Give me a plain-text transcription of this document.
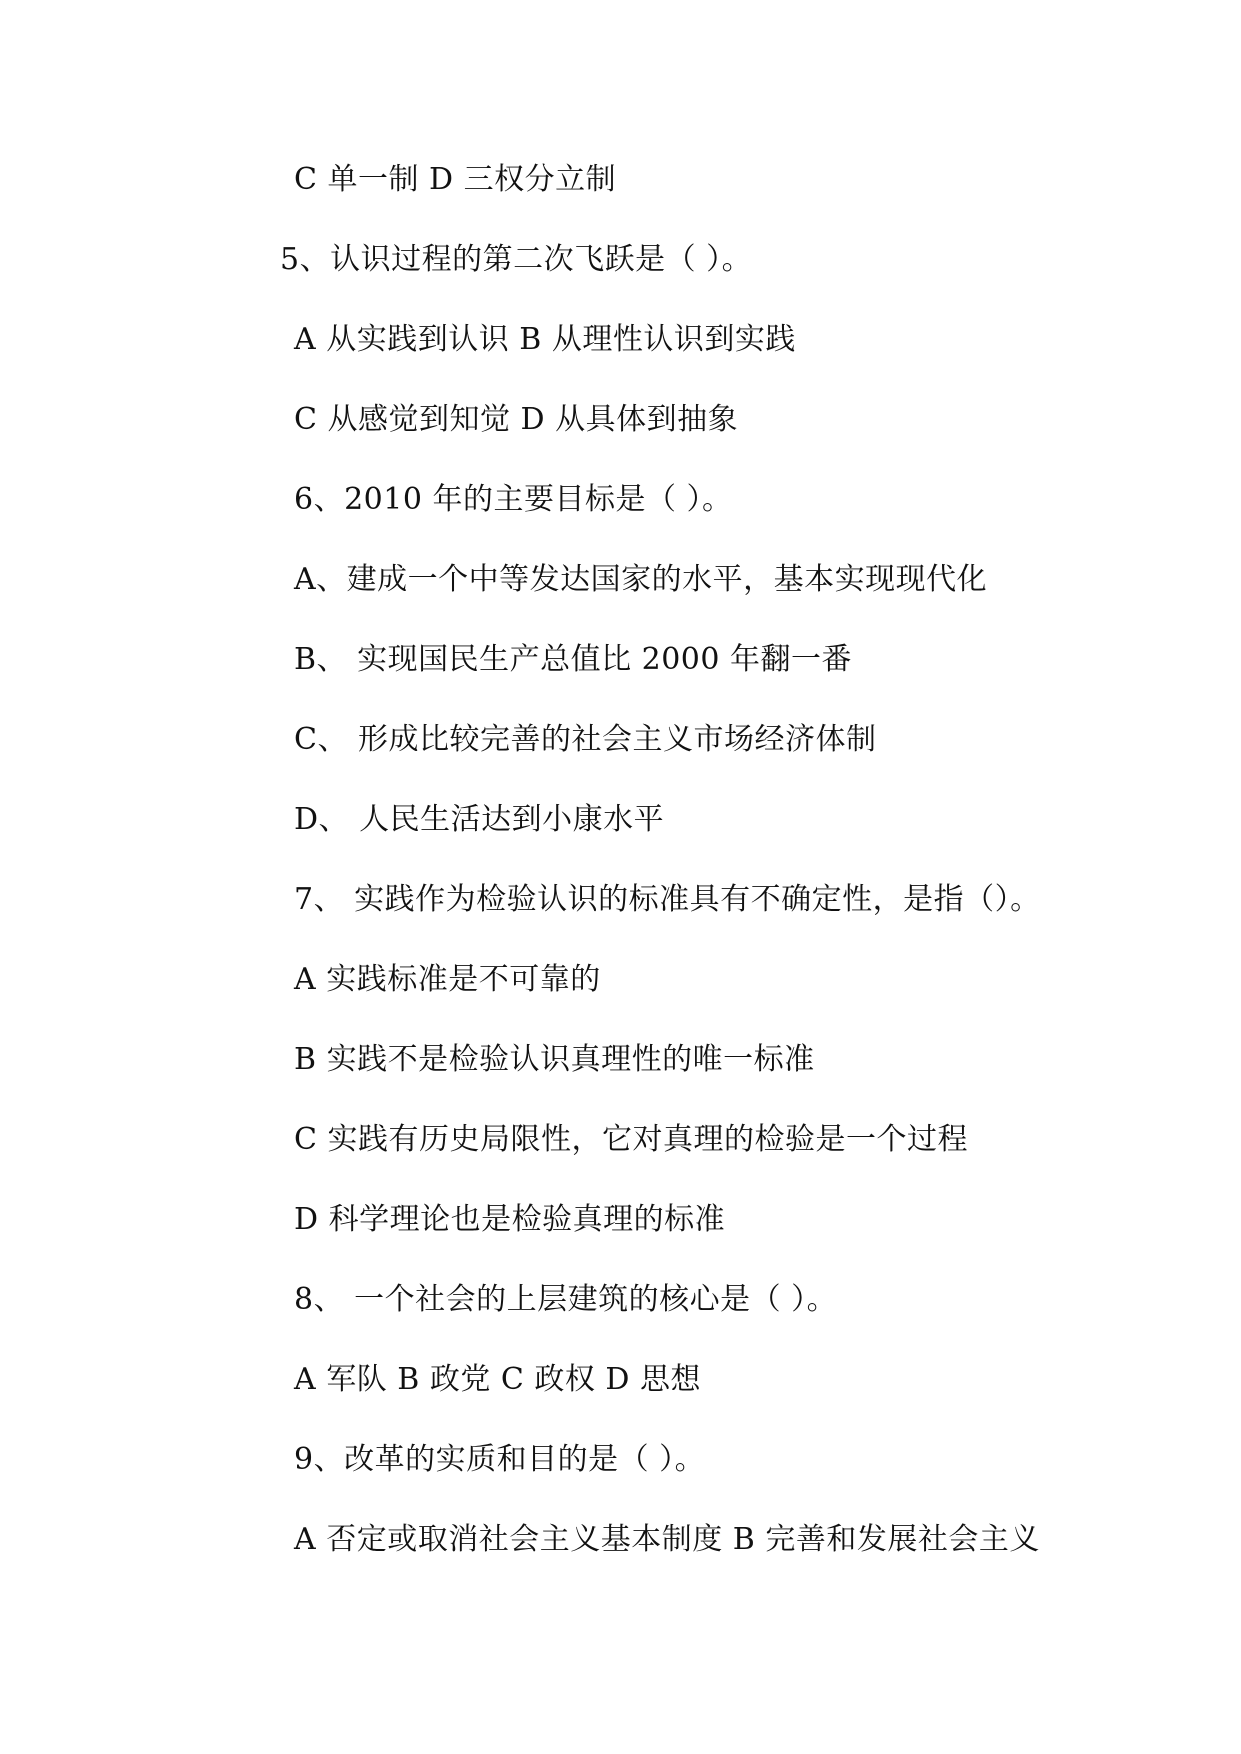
C 单一制 D 三权分立制
5、认识过程的第二次飞跃是（ ）。
A 从实践到认识 B 从理性认识到实践
C 从感觉到知觉 D 从具体到抽象
6、2010 年的主要目标是（ ）。
A、建成一个中等发达国家的水平，基本实现现代化
B、 实现国民生产总值比 2000 年翻一番
C、 形成比较完善的社会主义市场经济体制
D、 人民生活达到小康水平
7、 实践作为检验认识的标准具有不确定性，是指（）。
A 实践标准是不可靠的
B 实践不是检验认识真理性的唯一标准
C 实践有历史局限性，它对真理的检验是一个过程
D 科学理论也是检验真理的标准
8、 一个社会的上层建筑的核心是（ ）。
A 军队 B 政党 C 政权 D 思想
9、改革的实质和目的是（ ）。
A 否定或取消社会主义基本制度 B 完善和发展社会主义
